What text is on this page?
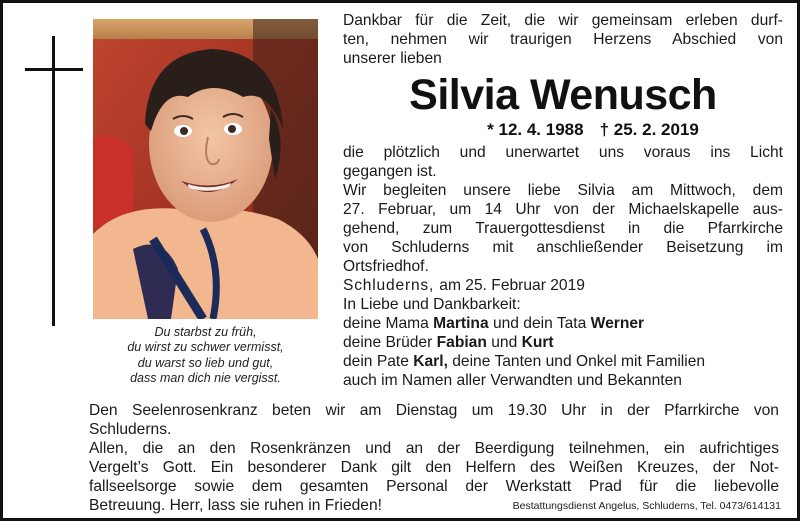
Du starbst zu früh,
du wirst zu schwer vermisst,
du warst so lieb und gut,
dass man dich nie vergisst.

Dankbar für die Zeit, die wir gemeinsam erleben durf-

ten, nehmen wir traurigen Herzens Abschied von

unserer lieben

Silvia Wenusch
* 12. 4. 1988 † 25. 2. 2019

die plötzlich und unerwartet uns voraus ins Licht

gegangen ist.

Wir begleiten unsere liebe Silvia am Mittwoch, dem

27. Februar, um 14 Uhr von der Michaelskapelle aus-

gehend, zum Trauergottesdienst in die Pfarrkirche

von Schluderns mit anschließender Beisetzung im

Ortsfriedhof.

Schluderns, am 25. Februar 2019

In Liebe und Dankbarkeit:

deine Mama Martina und dein Tata Werner

deine Brüder Fabian und Kurt

dein Pate Karl, deine Tanten und Onkel mit Familien

auch im Namen aller Verwandten und Bekannten

Den Seelenrosenkranz beten wir am Dienstag um 19.30 Uhr in der Pfarrkirche von

Schluderns.

Allen, die an den Rosenkränzen und an der Beerdigung teilnehmen, ein aufrichtiges

Vergelt’s Gott. Ein besonderer Dank gilt den Helfern des Weißen Kreuzes, der Not-

fallseelsorge sowie dem gesamten Personal der Werkstatt Prad für die liebevolle

Betreuung. Herr, lass sie ruhen in Frieden!	Bestattungsdienst Angelus, Schluderns, Tel. 0473/614131
